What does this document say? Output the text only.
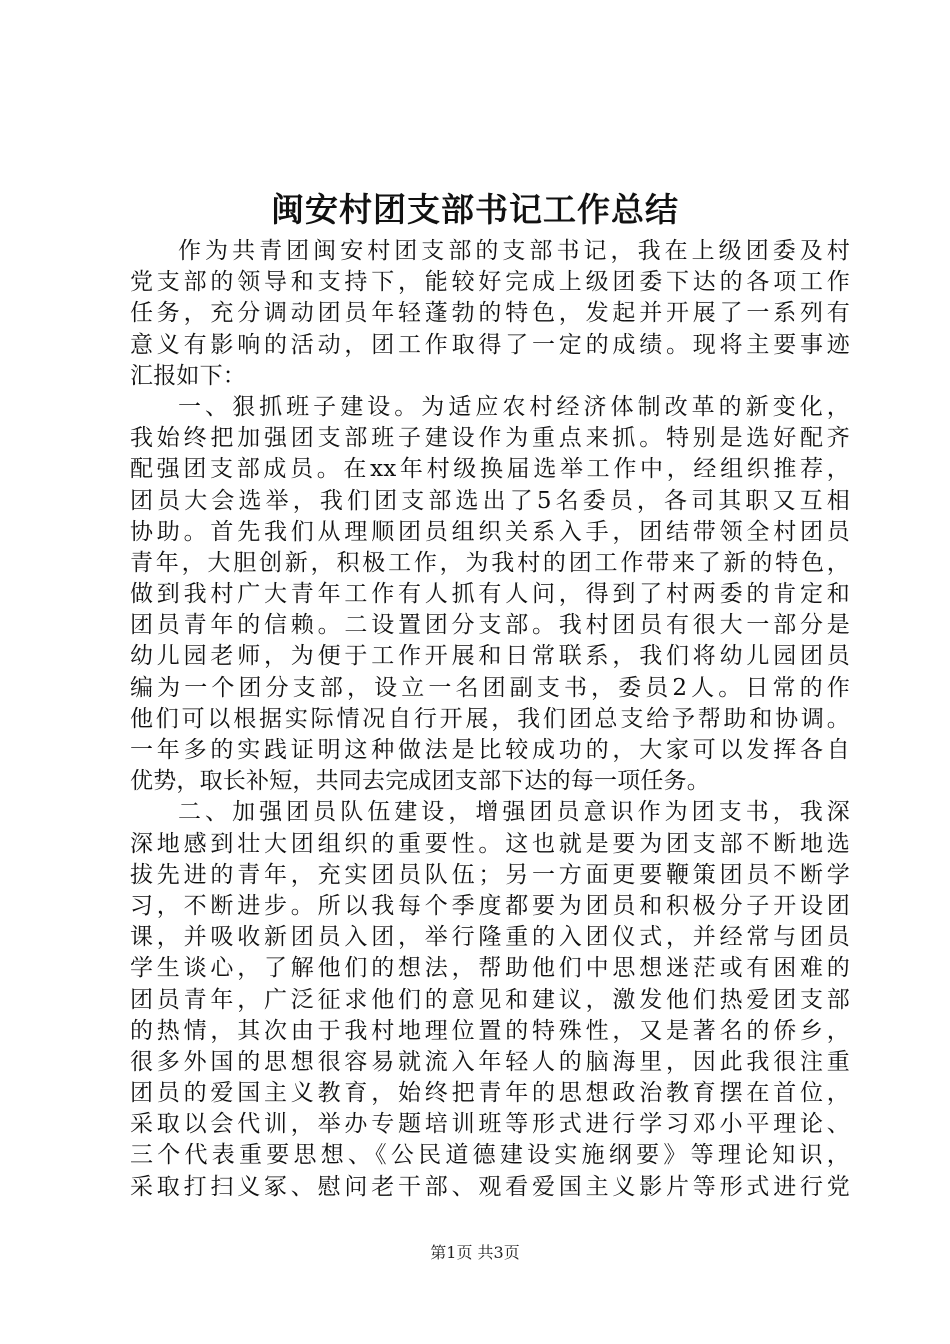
闽安村团支部书记工作总结
作为共青团闽安村团支部的支部书记，我在上级团委及村
党支部的领导和支持下，能较好完成上级团委下达的各项工作
任务，充分调动团员年轻蓬勃的特色，发起并开展了一系列有
意义有影响的活动，团工作取得了一定的成绩。现将主要事迹
汇报如下：
一、狠抓班子建设。为适应农村经济体制改革的新变化，
我始终把加强团支部班子建设作为重点来抓。特别是选好配齐
配强团支部成员。在xx年村级换届选举工作中，经组织推荐，
团员大会选举，我们团支部选出了5名委员，各司其职又互相
协助。首先我们从理顺团员组织关系入手，团结带领全村团员
青年，大胆创新，积极工作，为我村的团工作带来了新的特色，
做到我村广大青年工作有人抓有人问，得到了村两委的肯定和
团员青年的信赖。二设置团分支部。我村团员有很大一部分是
幼儿园老师，为便于工作开展和日常联系，我们将幼儿园团员
编为一个团分支部，设立一名团副支书，委员2人。日常的作
他们可以根据实际情况自行开展，我们团总支给予帮助和协调。
一年多的实践证明这种做法是比较成功的，大家可以发挥各自
优势，取长补短，共同去完成团支部下达的每一项任务。
二、加强团员队伍建设，增强团员意识作为团支书，我深
深地感到壮大团组织的重要性。这也就是要为团支部不断地选
拔先进的青年，充实团员队伍；另一方面更要鞭策团员不断学
习，不断进步。所以我每个季度都要为团员和积极分子开设团
课，并吸收新团员入团，举行隆重的入团仪式，并经常与团员
学生谈心，了解他们的想法，帮助他们中思想迷茫或有困难的
团员青年，广泛征求他们的意见和建议，激发他们热爱团支部
的热情，其次由于我村地理位置的特殊性，又是著名的侨乡，
很多外国的思想很容易就流入年轻人的脑海里，因此我很注重
团员的爱国主义教育，始终把青年的思想政治教育摆在首位，
采取以会代训，举办专题培训班等形式进行学习邓小平理论、
三个代表重要思想、《公民道德建设实施纲要》等理论知识，
采取打扫义冢、慰问老干部、观看爱国主义影片等形式进行党
第1页 共3页
